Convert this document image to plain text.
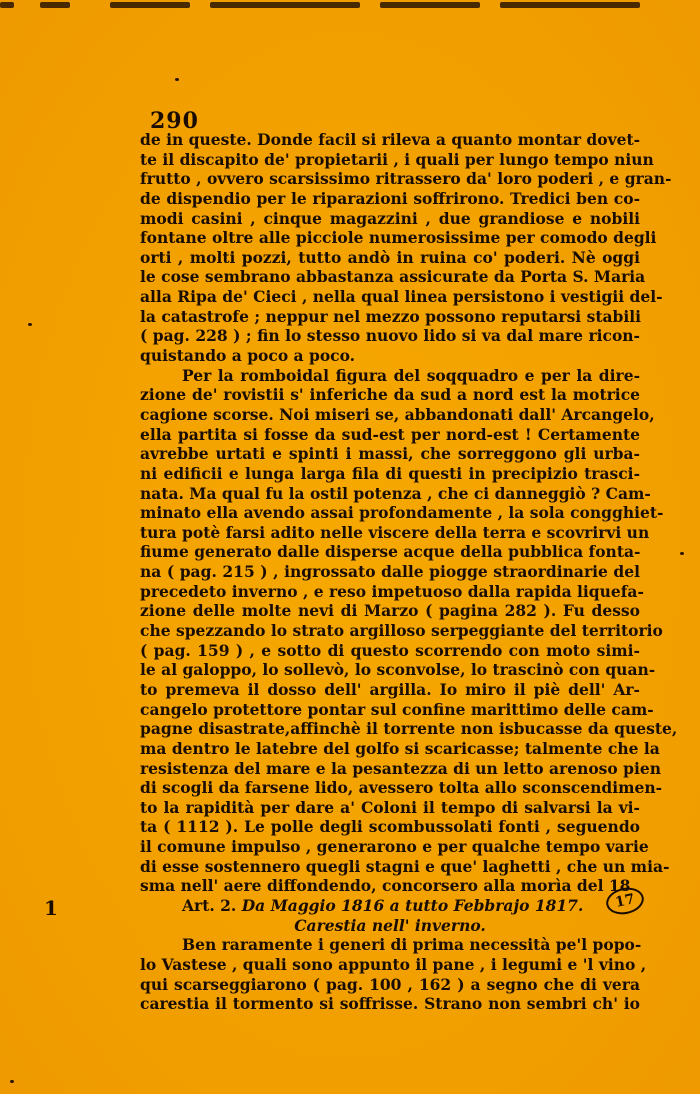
290
de in queste. Donde facil si rileva a quanto montar dovet-
te il discapito de' propietarii , i quali per lungo tempo niun
frutto , ovvero scarsissimo ritrassero da' loro poderi , e gran-
de dispendio per le riparazioni soffrirono. Tredici ben co-
modi casini , cinque magazzini , due grandiose e nobili
fontane oltre alle picciole numerosissime per comodo degli
orti , molti pozzi, tutto andò in ruina co' poderi. Nè oggi
le cose sembrano abbastanza assicurate da Porta S. Maria
alla Ripa de' Cieci , nella qual linea persistono i vestigii del-
la catastrofe ; neppur nel mezzo possono reputarsi stabili
( pag. 228 ) ; fin lo stesso nuovo lido si va dal mare ricon-
quistando a poco a poco.
Per la romboidal figura del soqquadro e per la dire-
zione de' rovistii s' inferiche da sud a nord est la motrice
cagione scorse. Noi miseri se, abbandonati dall' Arcangelo,
ella partita si fosse da sud-est per nord-est ! Certamente
avrebbe urtati e spinti i massi, che sorreggono gli urba-
ni edificii e lunga larga fila di questi in precipizio trasci-
nata. Ma qual fu la ostil potenza , che ci danneggiò ? Cam-
minato ella avendo assai profondamente , la sola congghiet-
tura potè farsi adito nelle viscere della terra e scovrirvi un
fiume generato dalle disperse acque della pubblica fonta-
na ( pag. 215 ) , ingrossato dalle piogge straordinarie del
precedeto inverno , e reso impetuoso dalla rapida liquefa-
zione delle molte nevi di Marzo ( pagina 282 ). Fu desso
che spezzando lo strato argilloso serpeggiante del territorio
( pag. 159 ) , e sotto di questo scorrendo con moto simi-
le al galoppo, lo sollevò, lo sconvolse, lo trascinò con quan-
to premeva il dosso dell' argilla. Io miro il piè dell' Ar-
cangelo protettore pontar sul confine marittimo delle cam-
pagne disastrate,affinchè il torrente non isbucasse da queste,
ma dentro le latebre del golfo si scaricasse; talmente che la
resistenza del mare e la pesantezza di un letto arenoso pien
di scogli da farsene lido, avessero tolta allo sconscendimen-
to la rapidità per dare a' Coloni il tempo di salvarsi la vi-
ta ( 1112 ). Le polle degli scombussolati fonti , seguendo
il comune impulso , generarono e per qualche tempo varie
di esse sostennero quegli stagni e que' laghetti , che un mia-
sma nell' aere diffondendo, concorsero alla morìa del 18
Art. 2. Da Maggio 1816 a tutto Febbrajo 1817.
Carestia nell' inverno.
Ben raramente i generi di prima necessità pe'l popo-
lo Vastese , quali sono appunto il pane , i legumi e 'l vino ,
qui scarseggiarono ( pag. 100 , 162 ) a segno che di vera
carestia il tormento si soffrisse. Strano non sembri ch' io
17
1
